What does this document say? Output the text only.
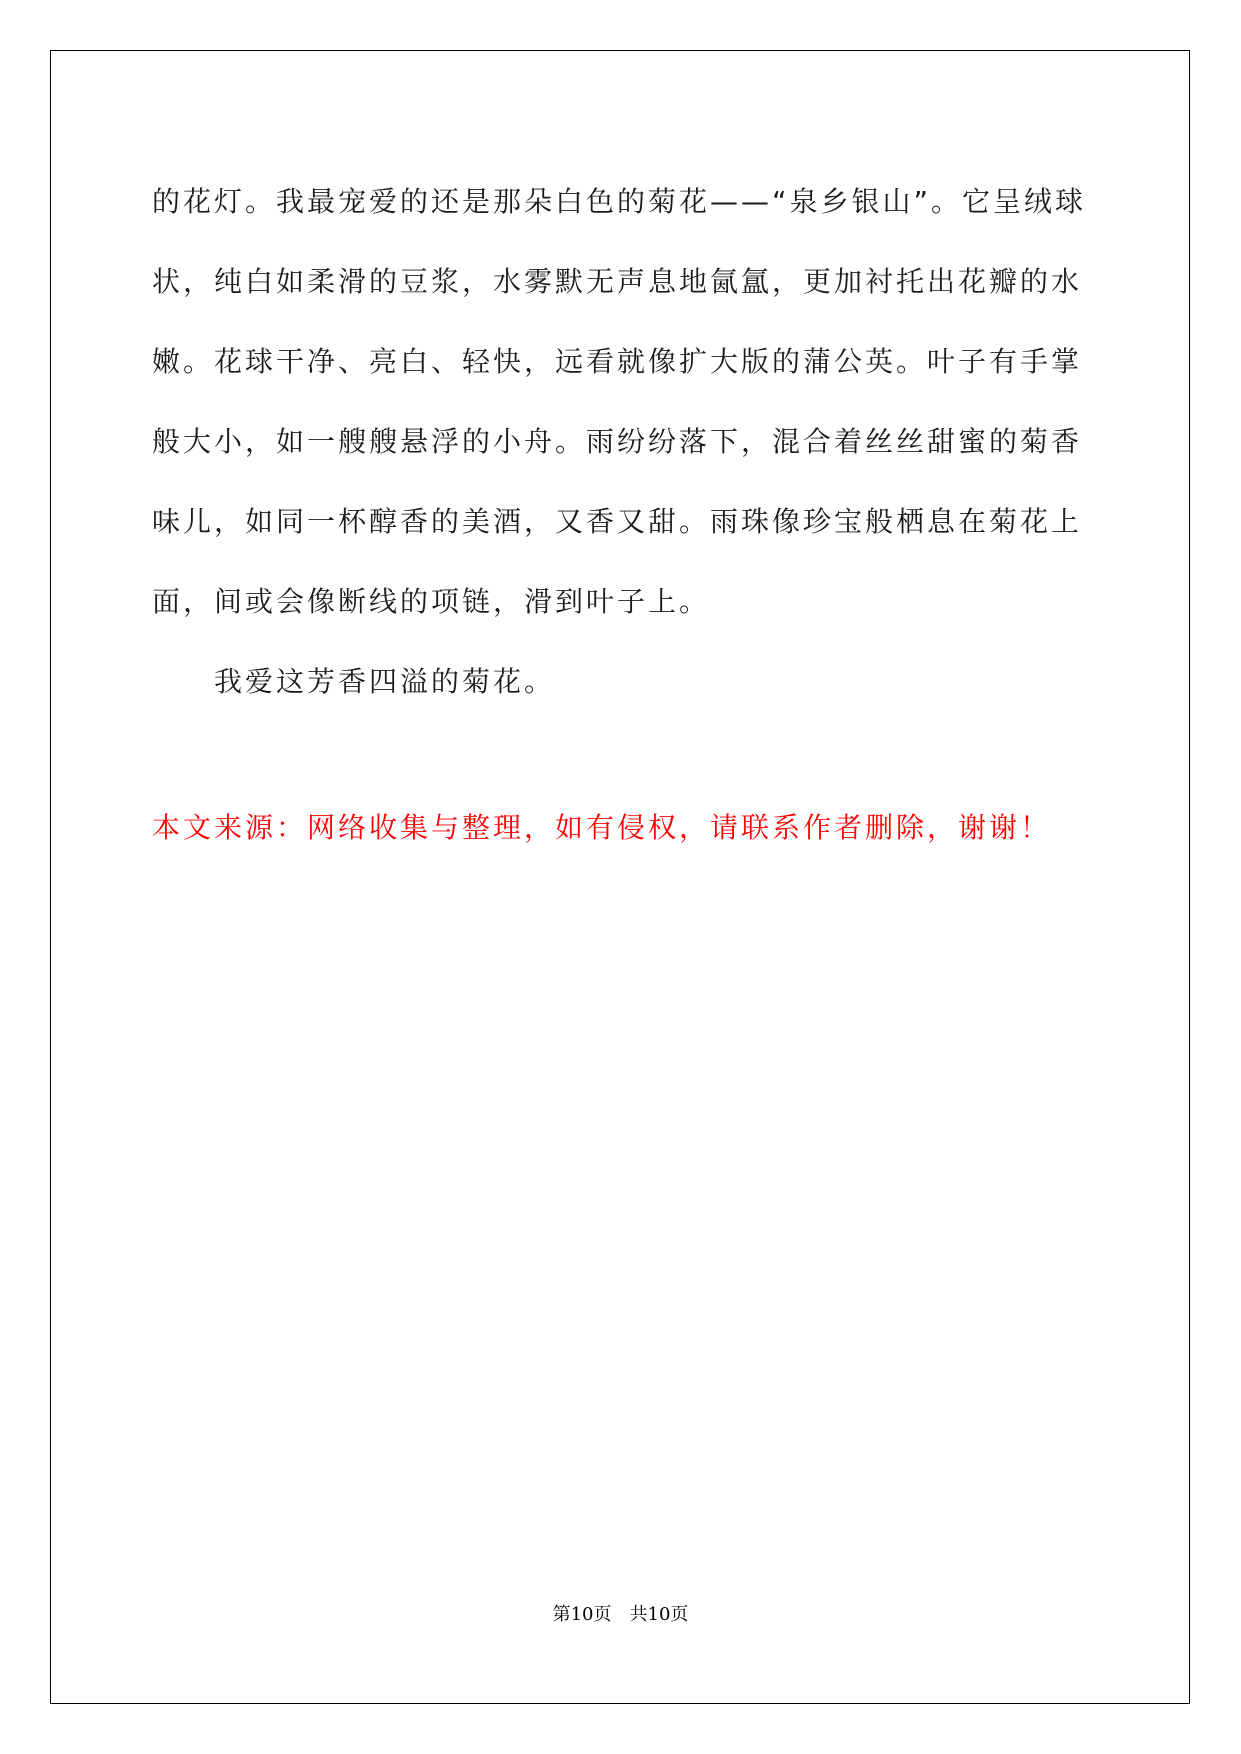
的花灯。我最宠爱的还是那朵白色的菊花——“泉乡银山”。它呈绒球

状，纯白如柔滑的豆浆，水雾默无声息地氤氲，更加衬托出花瓣的水

嫩。花球干净、亮白、轻快，远看就像扩大版的蒲公英。叶子有手掌

般大小，如一艘艘悬浮的小舟。雨纷纷落下，混合着丝丝甜蜜的菊香

味儿，如同一杯醇香的美酒，又香又甜。雨珠像珍宝般栖息在菊花上

面，间或会像断线的项链，滑到叶子上。

我爱这芳香四溢的菊花。

本文来源：网络收集与整理，如有侵权，请联系作者删除，谢谢！

第10页　共10页
